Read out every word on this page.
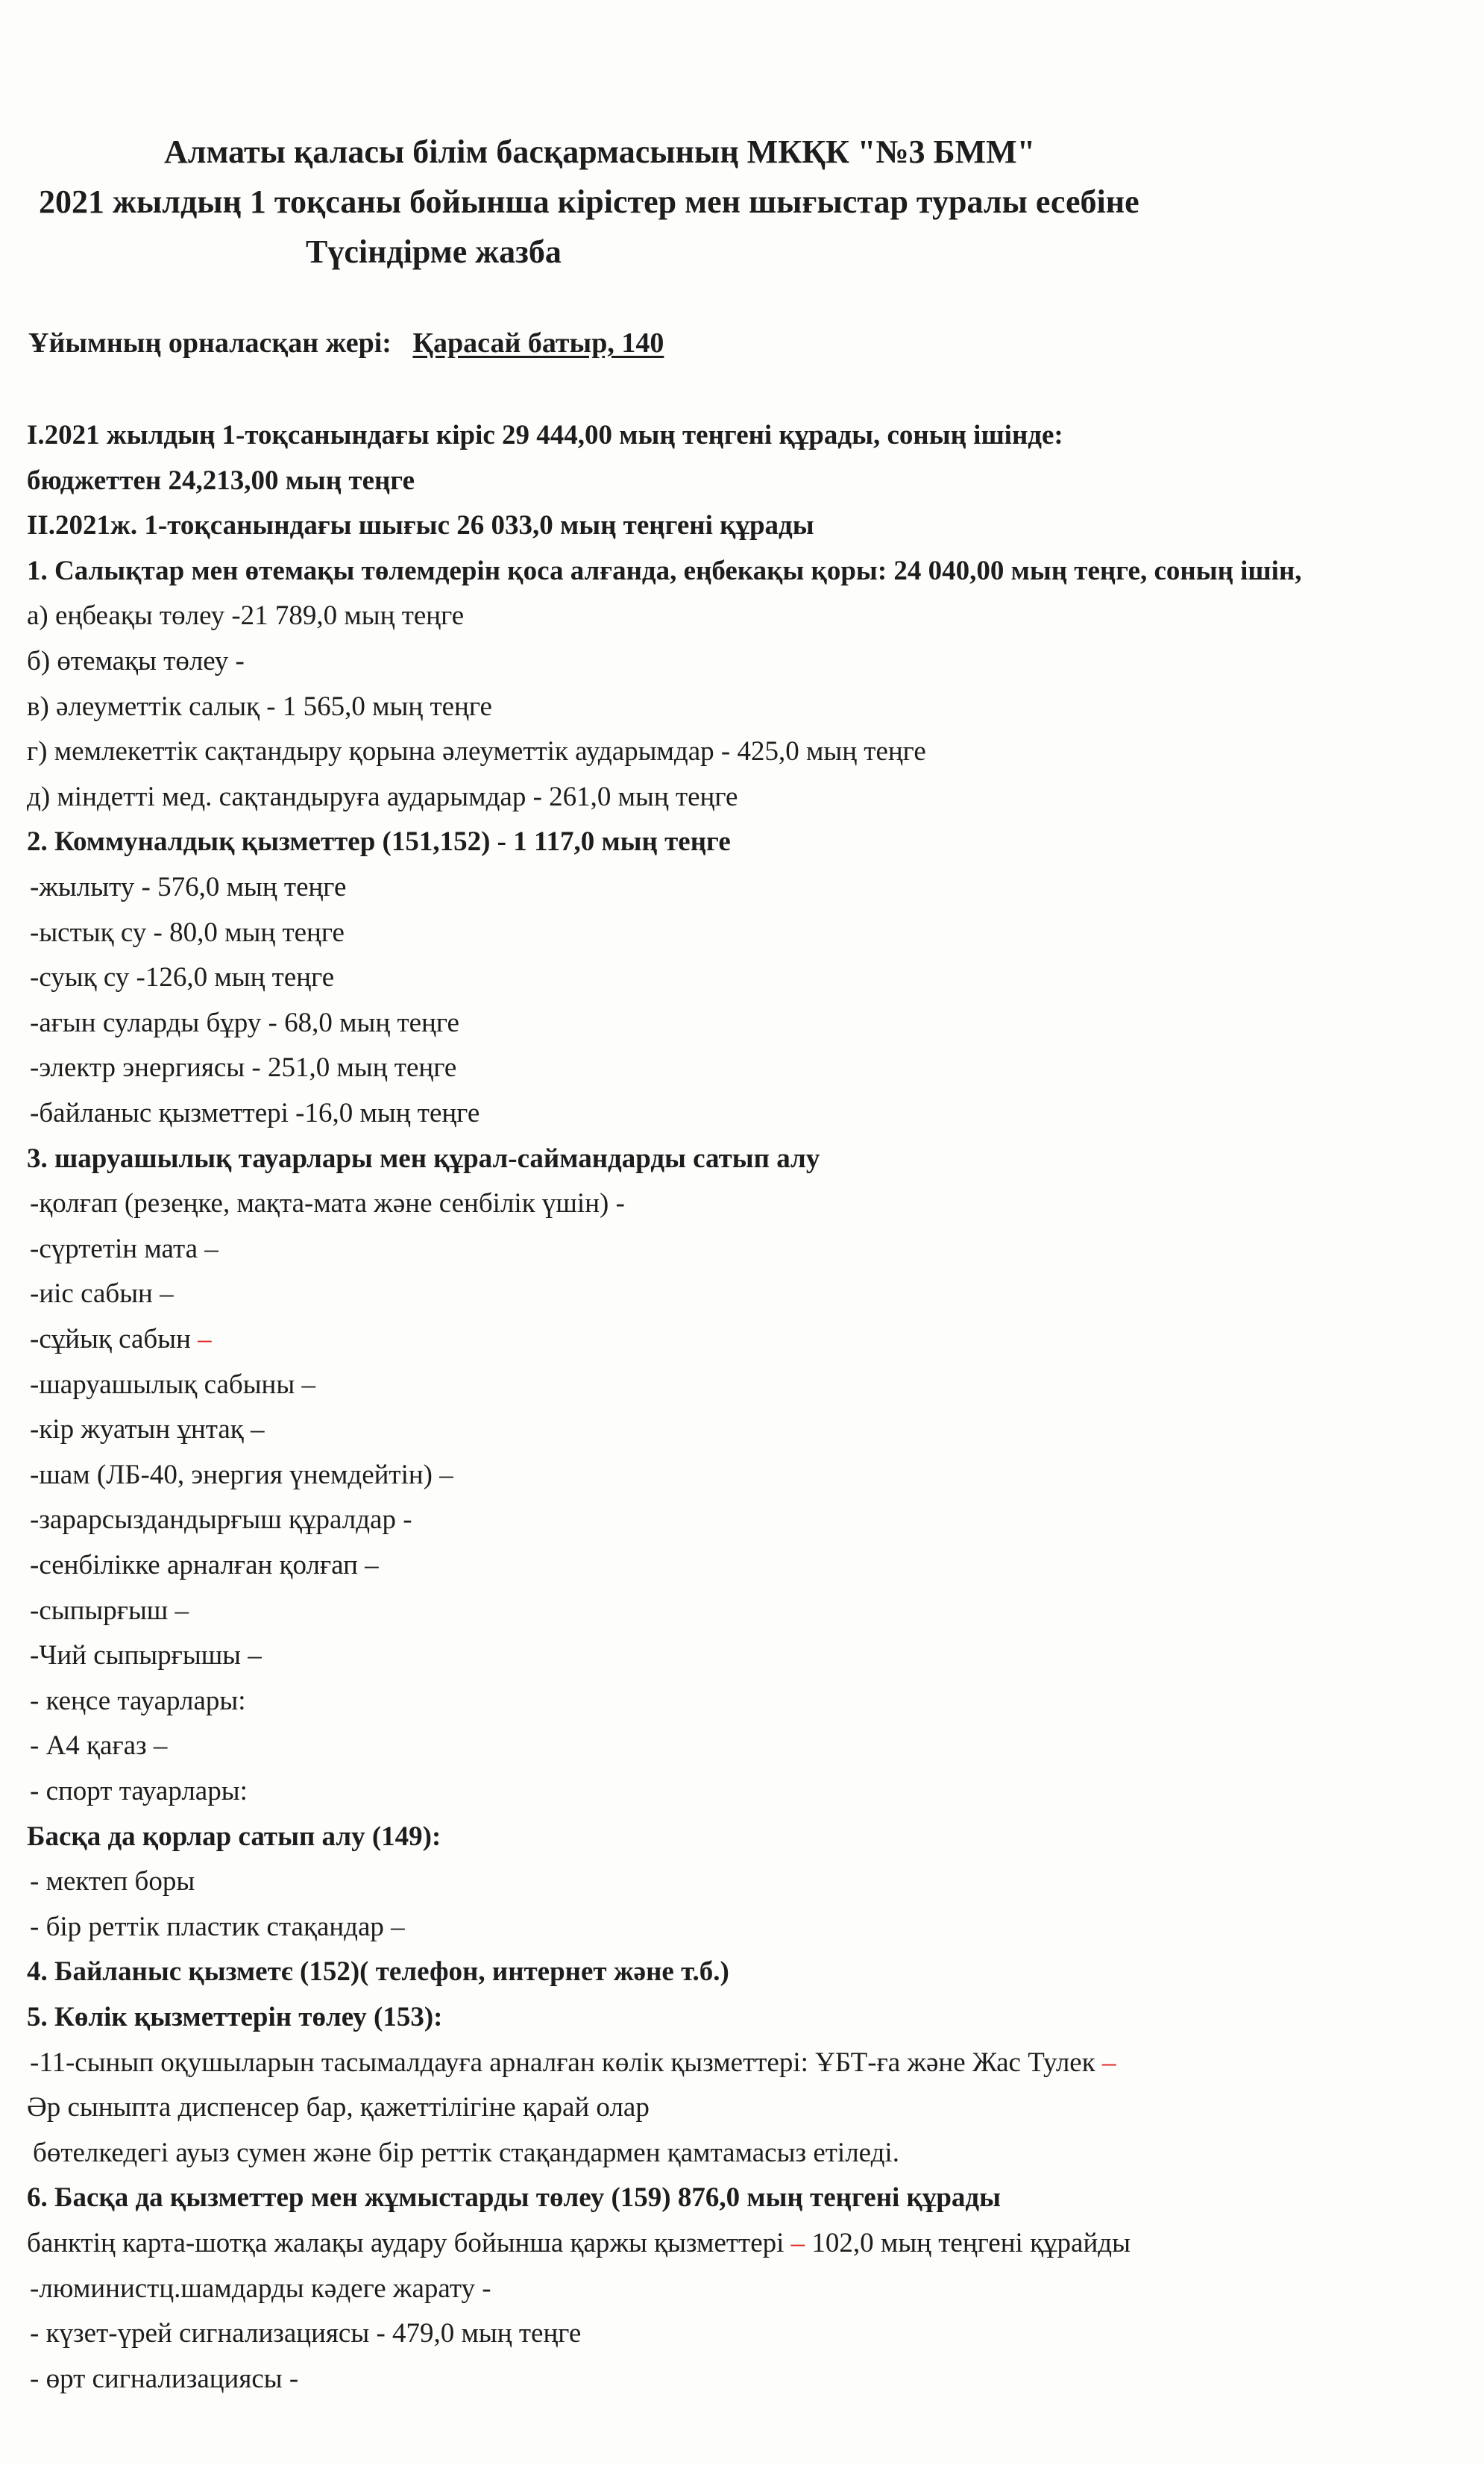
Алматы қаласы білім басқармасының МКҚК "№3 БММ"
2021 жылдың 1 тоқсаны бойынша кірістер мен шығыстар туралы есебіне
Түсіндірме жазба
Ұйымның орналасқан жері: Қарасай батыр, 140
I.2021 жылдың 1-тоқсанындағы кіріс 29 444,00 мың теңгені құрады, соның ішінде:
бюджеттен 24,213,00 мың теңге
II.2021ж. 1-тоқсанындағы шығыс 26 033,0 мың теңгені құрады
1. Салықтар мен өтемақы төлемдерін қоса алғанда, еңбекақы қоры: 24 040,00 мың теңге, соның ішін,
а) еңбеақы төлеу -21 789,0 мың теңге
б) өтемақы төлеу -
в) әлеуметтік салық - 1 565,0 мың теңге
г) мемлекеттік сақтандыру қорына әлеуметтік аударымдар - 425,0 мың теңге
д) міндетті мед. сақтандыруға аударымдар - 261,0 мың теңге
2. Коммуналдық қызметтер (151,152) - 1 117,0 мың теңге
-жылыту - 576,0 мың теңге
-ыстық су - 80,0 мың теңге
-суық су -126,0 мың теңге
-ағын суларды бұру - 68,0 мың теңге
-электр энергиясы - 251,0 мың теңге
-байланыс қызметтері -16,0 мың теңге
3. шаруашылық тауарлары мен құрал-саймандарды сатып алу
-қолғап (резеңке, мақта-мата және сенбілік үшін) -
-сүртетін мата –
-иіс сабын –
-сұйық сабын –
-шаруашылық сабыны –
-кір жуатын ұнтақ –
-шам (ЛБ-40, энергия үнемдейтін) –
-зарарсыздандырғыш құралдар -
-сенбілікке арналған қолғап –
-сыпырғыш –
-Чий сыпырғышы –
- кеңсе тауарлары:
- А4 қағаз –
- спорт тауарлары:
Басқа да қорлар сатып алу (149):
- мектеп боры
- бір реттік пластик стақандар –
4. Байланыс қызметє (152)( телефон, интернет және т.б.)
5. Көлік қызметтерін төлеу (153):
-11-сынып оқушыларын тасымалдауға арналған көлік қызметтері: ҰБТ-ға және Жас Тулек –
Әр сыныпта диспенсер бар, қажеттілігіне қарай олар
бөтелкедегі ауыз сумен және бір реттік стақандармен қамтамасыз етіледі.
6. Басқа да қызметтер мен жұмыстарды төлеу (159) 876,0 мың теңгені құрады
банктің карта-шотқа жалақы аудару бойынша қаржы қызметтері – 102,0 мың теңгені құрайды
-люминистц.шамдарды кәдеге жарату -
- күзет-үрей сигнализациясы - 479,0 мың теңге
- өрт сигнализациясы -
